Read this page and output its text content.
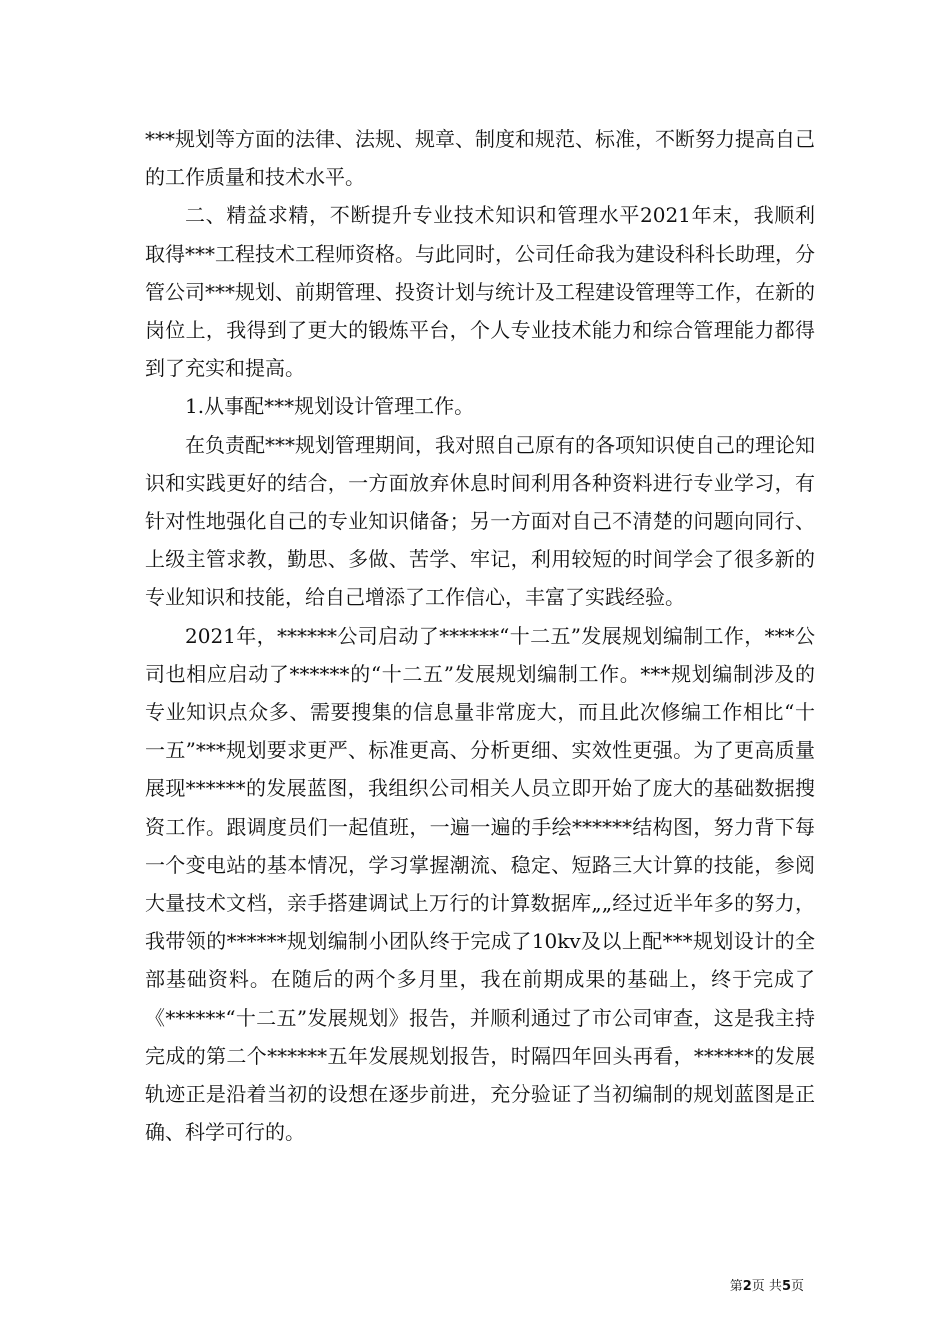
***规划等方面的法律、法规、规章、制度和规范、标准，不断努力提高自己的工作质量和技术水平。

二、精益求精，不断提升专业技术知识和管理水平2021年末，我顺利取得***工程技术工程师资格。与此同时，公司任命我为建设科科长助理，分管公司***规划、前期管理、投资计划与统计及工程建设管理等工作，在新的岗位上，我得到了更大的锻炼平台，个人专业技术能力和综合管理能力都得到了充实和提高。

1.从事配***规划设计管理工作。

在负责配***规划管理期间，我对照自己原有的各项知识使自己的理论知识和实践更好的结合，一方面放弃休息时间利用各种资料进行专业学习，有针对性地强化自己的专业知识储备；另一方面对自己不清楚的问题向同行、上级主管求教，勤思、多做、苦学、牢记，利用较短的时间学会了很多新的专业知识和技能，给自己增添了工作信心，丰富了实践经验。

2021年，******公司启动了******“十二五”发展规划编制工作，***公司也相应启动了******的“十二五”发展规划编制工作。***规划编制涉及的专业知识点众多、需要搜集的信息量非常庞大，而且此次修编工作相比“十一五”***规划要求更严、标准更高、分析更细、实效性更强。为了更高质量展现******的发展蓝图，我组织公司相关人员立即开始了庞大的基础数据搜资工作。跟调度员们一起值班，一遍一遍的手绘******结构图，努力背下每一个变电站的基本情况，学习掌握潮流、稳定、短路三大计算的技能，参阅大量技术文档，亲手搭建调试上万行的计算数据库„„经过近半年多的努力，我带领的******规划编制小团队终于完成了10kv及以上配***规划设计的全部基础资料。在随后的两个多月里，我在前期成果的基础上，终于完成了《******“十二五”发展规划》报告，并顺利通过了市公司审查，这是我主持完成的第二个******五年发展规划报告，时隔四年回头再看，******的发展轨迹正是沿着当初的设想在逐步前进，充分验证了当初编制的规划蓝图是正确、科学可行的。

第2页 共5页
